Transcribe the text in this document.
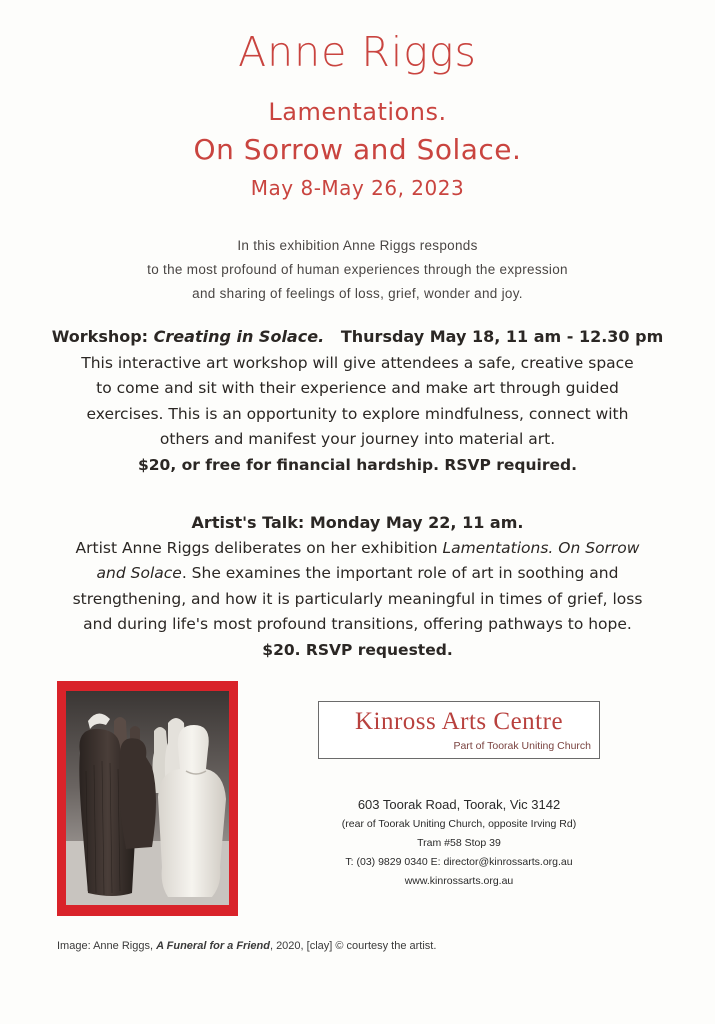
Anne Riggs
Lamentations.
On Sorrow and Solace.
May 8-May 26, 2023
In this exhibition Anne Riggs responds
to the most profound of human experiences through the expression
and sharing of feelings of loss, grief, wonder and joy.
Workshop: Creating in Solace. Thursday May 18, 11 am - 12.30 pm
This interactive art workshop will give attendees a safe, creative space
to come and sit with their experience and make art through guided
exercises. This is an opportunity to explore mindfulness, connect with
others and manifest your journey into material art.
$20, or free for financial hardship. RSVP required.
Artist's Talk: Monday May 22, 11 am.
Artist Anne Riggs deliberates on her exhibition Lamentations. On Sorrow
and Solace. She examines the important role of art in soothing and
strengthening, and how it is particularly meaningful in times of grief, loss
and during life's most profound transitions, offering pathways to hope.
$20. RSVP requested.
Kinross Arts Centre
Part of Toorak Uniting Church
603 Toorak Road, Toorak, Vic 3142
(rear of Toorak Uniting Church, opposite Irving Rd)
Tram #58 Stop 39
T: (03) 9829 0340 E: director@kinrossarts.org.au
www.kinrossarts.org.au
Image: Anne Riggs, A Funeral for a Friend, 2020, [clay] © courtesy the artist.
